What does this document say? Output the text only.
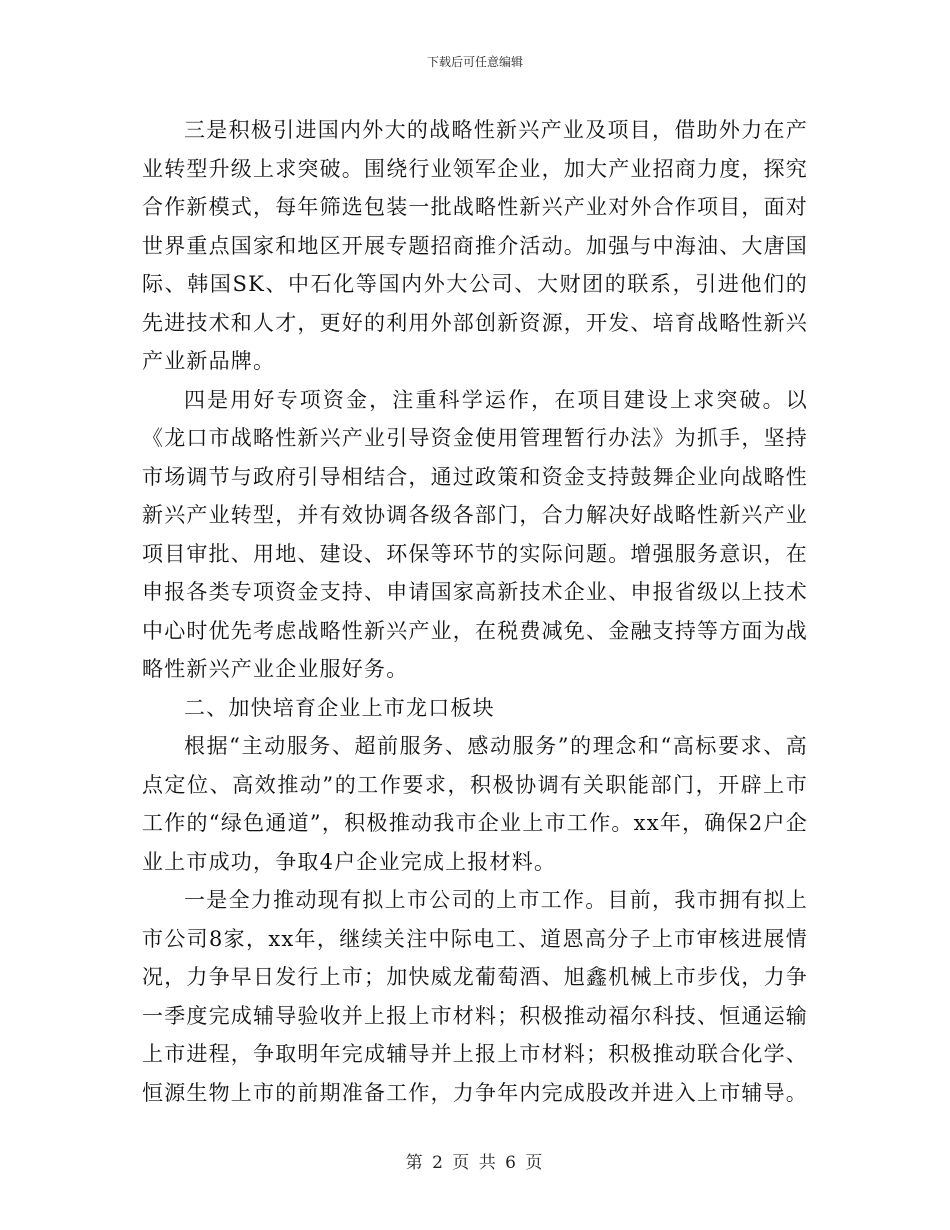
下载后可任意编辑

三是积极引进国内外大的战略性新兴产业及项目，借助外力在产业转型升级上求突破。围绕行业领军企业，加大产业招商力度，探究合作新模式，每年筛选包装一批战略性新兴产业对外合作项目，面对世界重点国家和地区开展专题招商推介活动。加强与中海油、大唐国际、韩国SK、中石化等国内外大公司、大财团的联系，引进他们的先进技术和人才，更好的利用外部创新资源，开发、培育战略性新兴产业新品牌。

四是用好专项资金，注重科学运作，在项目建设上求突破。以《龙口市战略性新兴产业引导资金使用管理暂行办法》为抓手，坚持市场调节与政府引导相结合，通过政策和资金支持鼓舞企业向战略性新兴产业转型，并有效协调各级各部门，合力解决好战略性新兴产业项目审批、用地、建设、环保等环节的实际问题。增强服务意识，在申报各类专项资金支持、申请国家高新技术企业、申报省级以上技术中心时优先考虑战略性新兴产业，在税费减免、金融支持等方面为战略性新兴产业企业服好务。

二、加快培育企业上市龙口板块

根据“主动服务、超前服务、感动服务”的理念和“高标要求、高点定位、高效推动”的工作要求，积极协调有关职能部门，开辟上市工作的“绿色通道”，积极推动我市企业上市工作。xx年，确保2户企业上市成功，争取4户企业完成上报材料。

一是全力推动现有拟上市公司的上市工作。目前，我市拥有拟上市公司8家，xx年，继续关注中际电工、道恩高分子上市审核进展情况，力争早日发行上市；加快威龙葡萄酒、旭鑫机械上市步伐，力争一季度完成辅导验收并上报上市材料；积极推动福尔科技、恒通运输上市进程，争取明年完成辅导并上报上市材料；积极推动联合化学、恒源生物上市的前期准备工作，力争年内完成股改并进入上市辅导。

第 2 页 共 6 页
